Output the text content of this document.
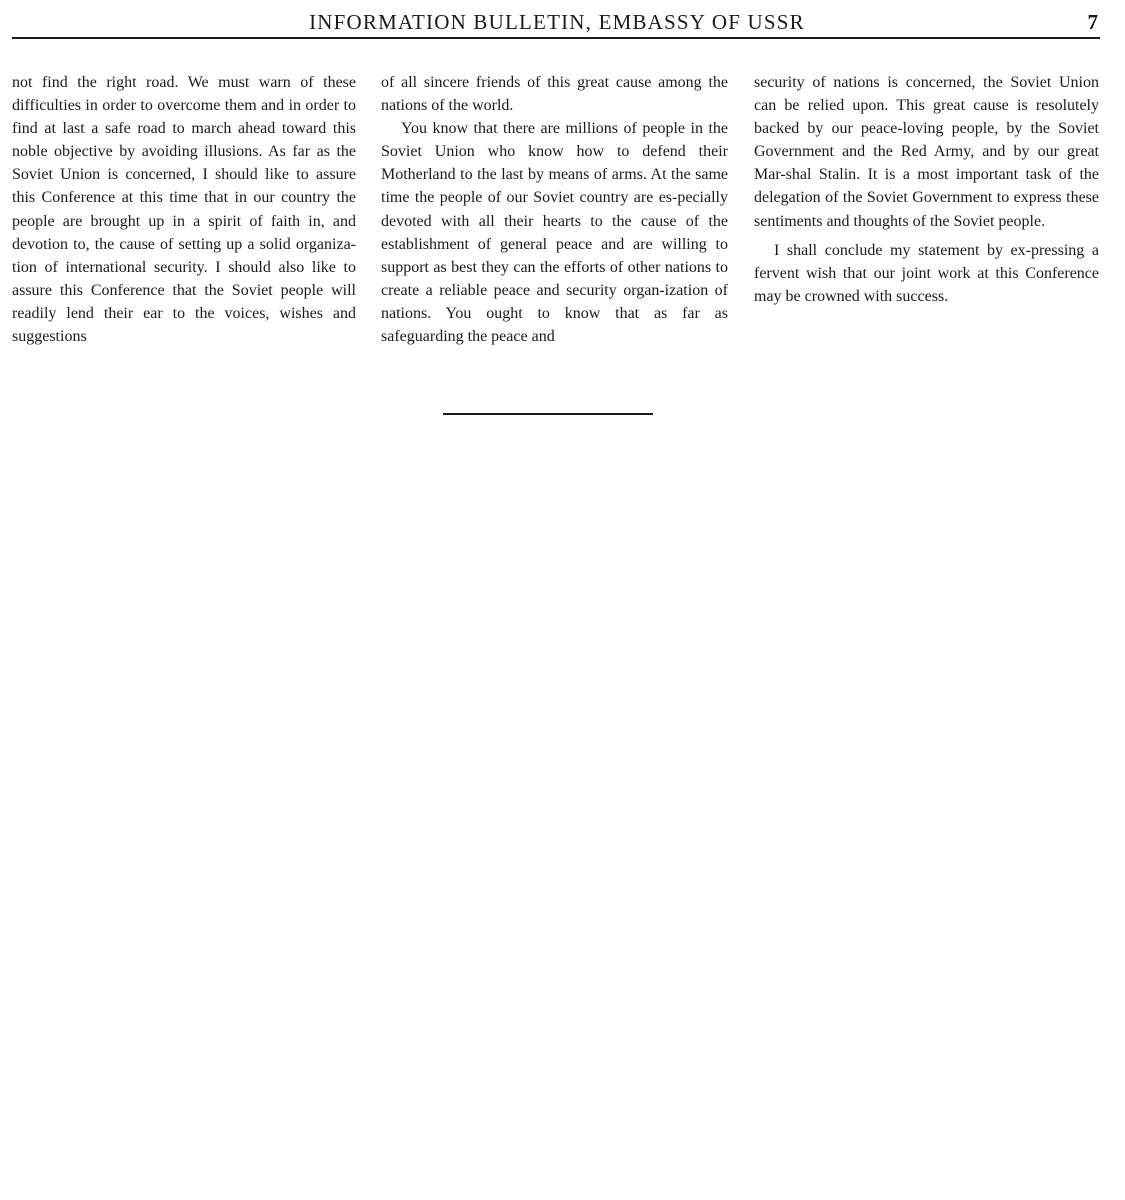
INFORMATION BULLETIN, EMBASSY OF USSR	7

not find the right road. We must warn of these difficulties in order to overcome them and in order to find at last a safe road to march ahead toward this noble objective by avoiding illusions. As far as the Soviet Union is concerned, I should like to assure this Conference at this time that in our country the people are brought up in a spirit of faith in, and devotion to, the cause of setting up a solid organiza-tion of international security. I should also like to assure this Conference that the Soviet people will readily lend their ear to the voices, wishes and suggestions

of all sincere friends of this great cause among the nations of the world.

You know that there are millions of people in the Soviet Union who know how to defend their Motherland to the last by means of arms. At the same time the people of our Soviet country are es-pecially devoted with all their hearts to the cause of the establishment of general peace and are willing to support as best they can the efforts of other nations to create a reliable peace and security organ-ization of nations. You ought to know that as far as safeguarding the peace and

security of nations is concerned, the Soviet Union can be relied upon. This great cause is resolutely backed by our peace-loving people, by the Soviet Government and the Red Army, and by our great Mar-shal Stalin. It is a most important task of the delegation of the Soviet Government to express these sentiments and thoughts of the Soviet people.

I shall conclude my statement by ex-pressing a fervent wish that our joint work at this Conference may be crowned with success.
